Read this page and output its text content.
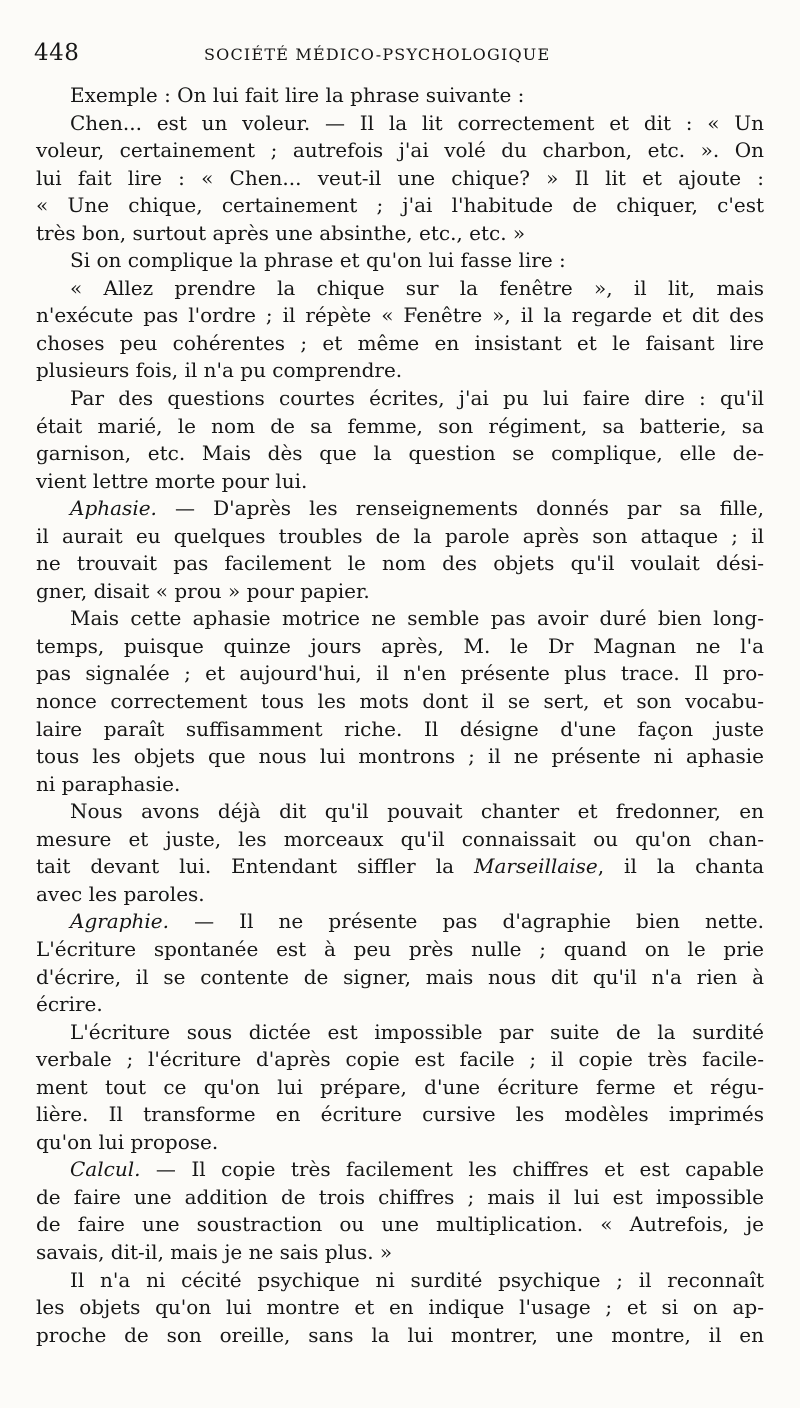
448	SOCIÉTÉ MÉDICO-PSYCHOLOGIQUE
Exemple : On lui fait lire la phrase suivante :
Chen... est un voleur. — Il la lit correctement et dit : « Un
voleur, certainement ; autrefois j'ai volé du charbon, etc. ». On
lui fait lire : « Chen... veut-il une chique? » Il lit et ajoute :
« Une chique, certainement ; j'ai l'habitude de chiquer, c'est
très bon, surtout après une absinthe, etc., etc. »
Si on complique la phrase et qu'on lui fasse lire :
« Allez prendre la chique sur la fenêtre », il lit, mais
n'exécute pas l'ordre ; il répète « Fenêtre », il la regarde et dit des
choses peu cohérentes ; et même en insistant et le faisant lire
plusieurs fois, il n'a pu comprendre.
Par des questions courtes écrites, j'ai pu lui faire dire : qu'il
était marié, le nom de sa femme, son régiment, sa batterie, sa
garnison, etc. Mais dès que la question se complique, elle de-
vient lettre morte pour lui.
Aphasie. — D'après les renseignements donnés par sa fille,
il aurait eu quelques troubles de la parole après son attaque ; il
ne trouvait pas facilement le nom des objets qu'il voulait dési-
gner, disait « prou » pour papier.
Mais cette aphasie motrice ne semble pas avoir duré bien long-
temps, puisque quinze jours après, M. le Dr Magnan ne l'a
pas signalée ; et aujourd'hui, il n'en présente plus trace. Il pro-
nonce correctement tous les mots dont il se sert, et son vocabu-
laire paraît suffisamment riche. Il désigne d'une façon juste
tous les objets que nous lui montrons ; il ne présente ni aphasie
ni paraphasie.
Nous avons déjà dit qu'il pouvait chanter et fredonner, en
mesure et juste, les morceaux qu'il connaissait ou qu'on chan-
tait devant lui. Entendant siffler la Marseillaise, il la chanta
avec les paroles.
Agraphie. — Il ne présente pas d'agraphie bien nette.
L'écriture spontanée est à peu près nulle ; quand on le prie
d'écrire, il se contente de signer, mais nous dit qu'il n'a rien à
écrire.
L'écriture sous dictée est impossible par suite de la surdité
verbale ; l'écriture d'après copie est facile ; il copie très facile-
ment tout ce qu'on lui prépare, d'une écriture ferme et régu-
lière. Il transforme en écriture cursive les modèles imprimés
qu'on lui propose.
Calcul. — Il copie très facilement les chiffres et est capable
de faire une addition de trois chiffres ; mais il lui est impossible
de faire une soustraction ou une multiplication. « Autrefois, je
savais, dit-il, mais je ne sais plus. »
Il n'a ni cécité psychique ni surdité psychique ; il reconnaît
les objets qu'on lui montre et en indique l'usage ; et si on ap-
proche de son oreille, sans la lui montrer, une montre, il en
